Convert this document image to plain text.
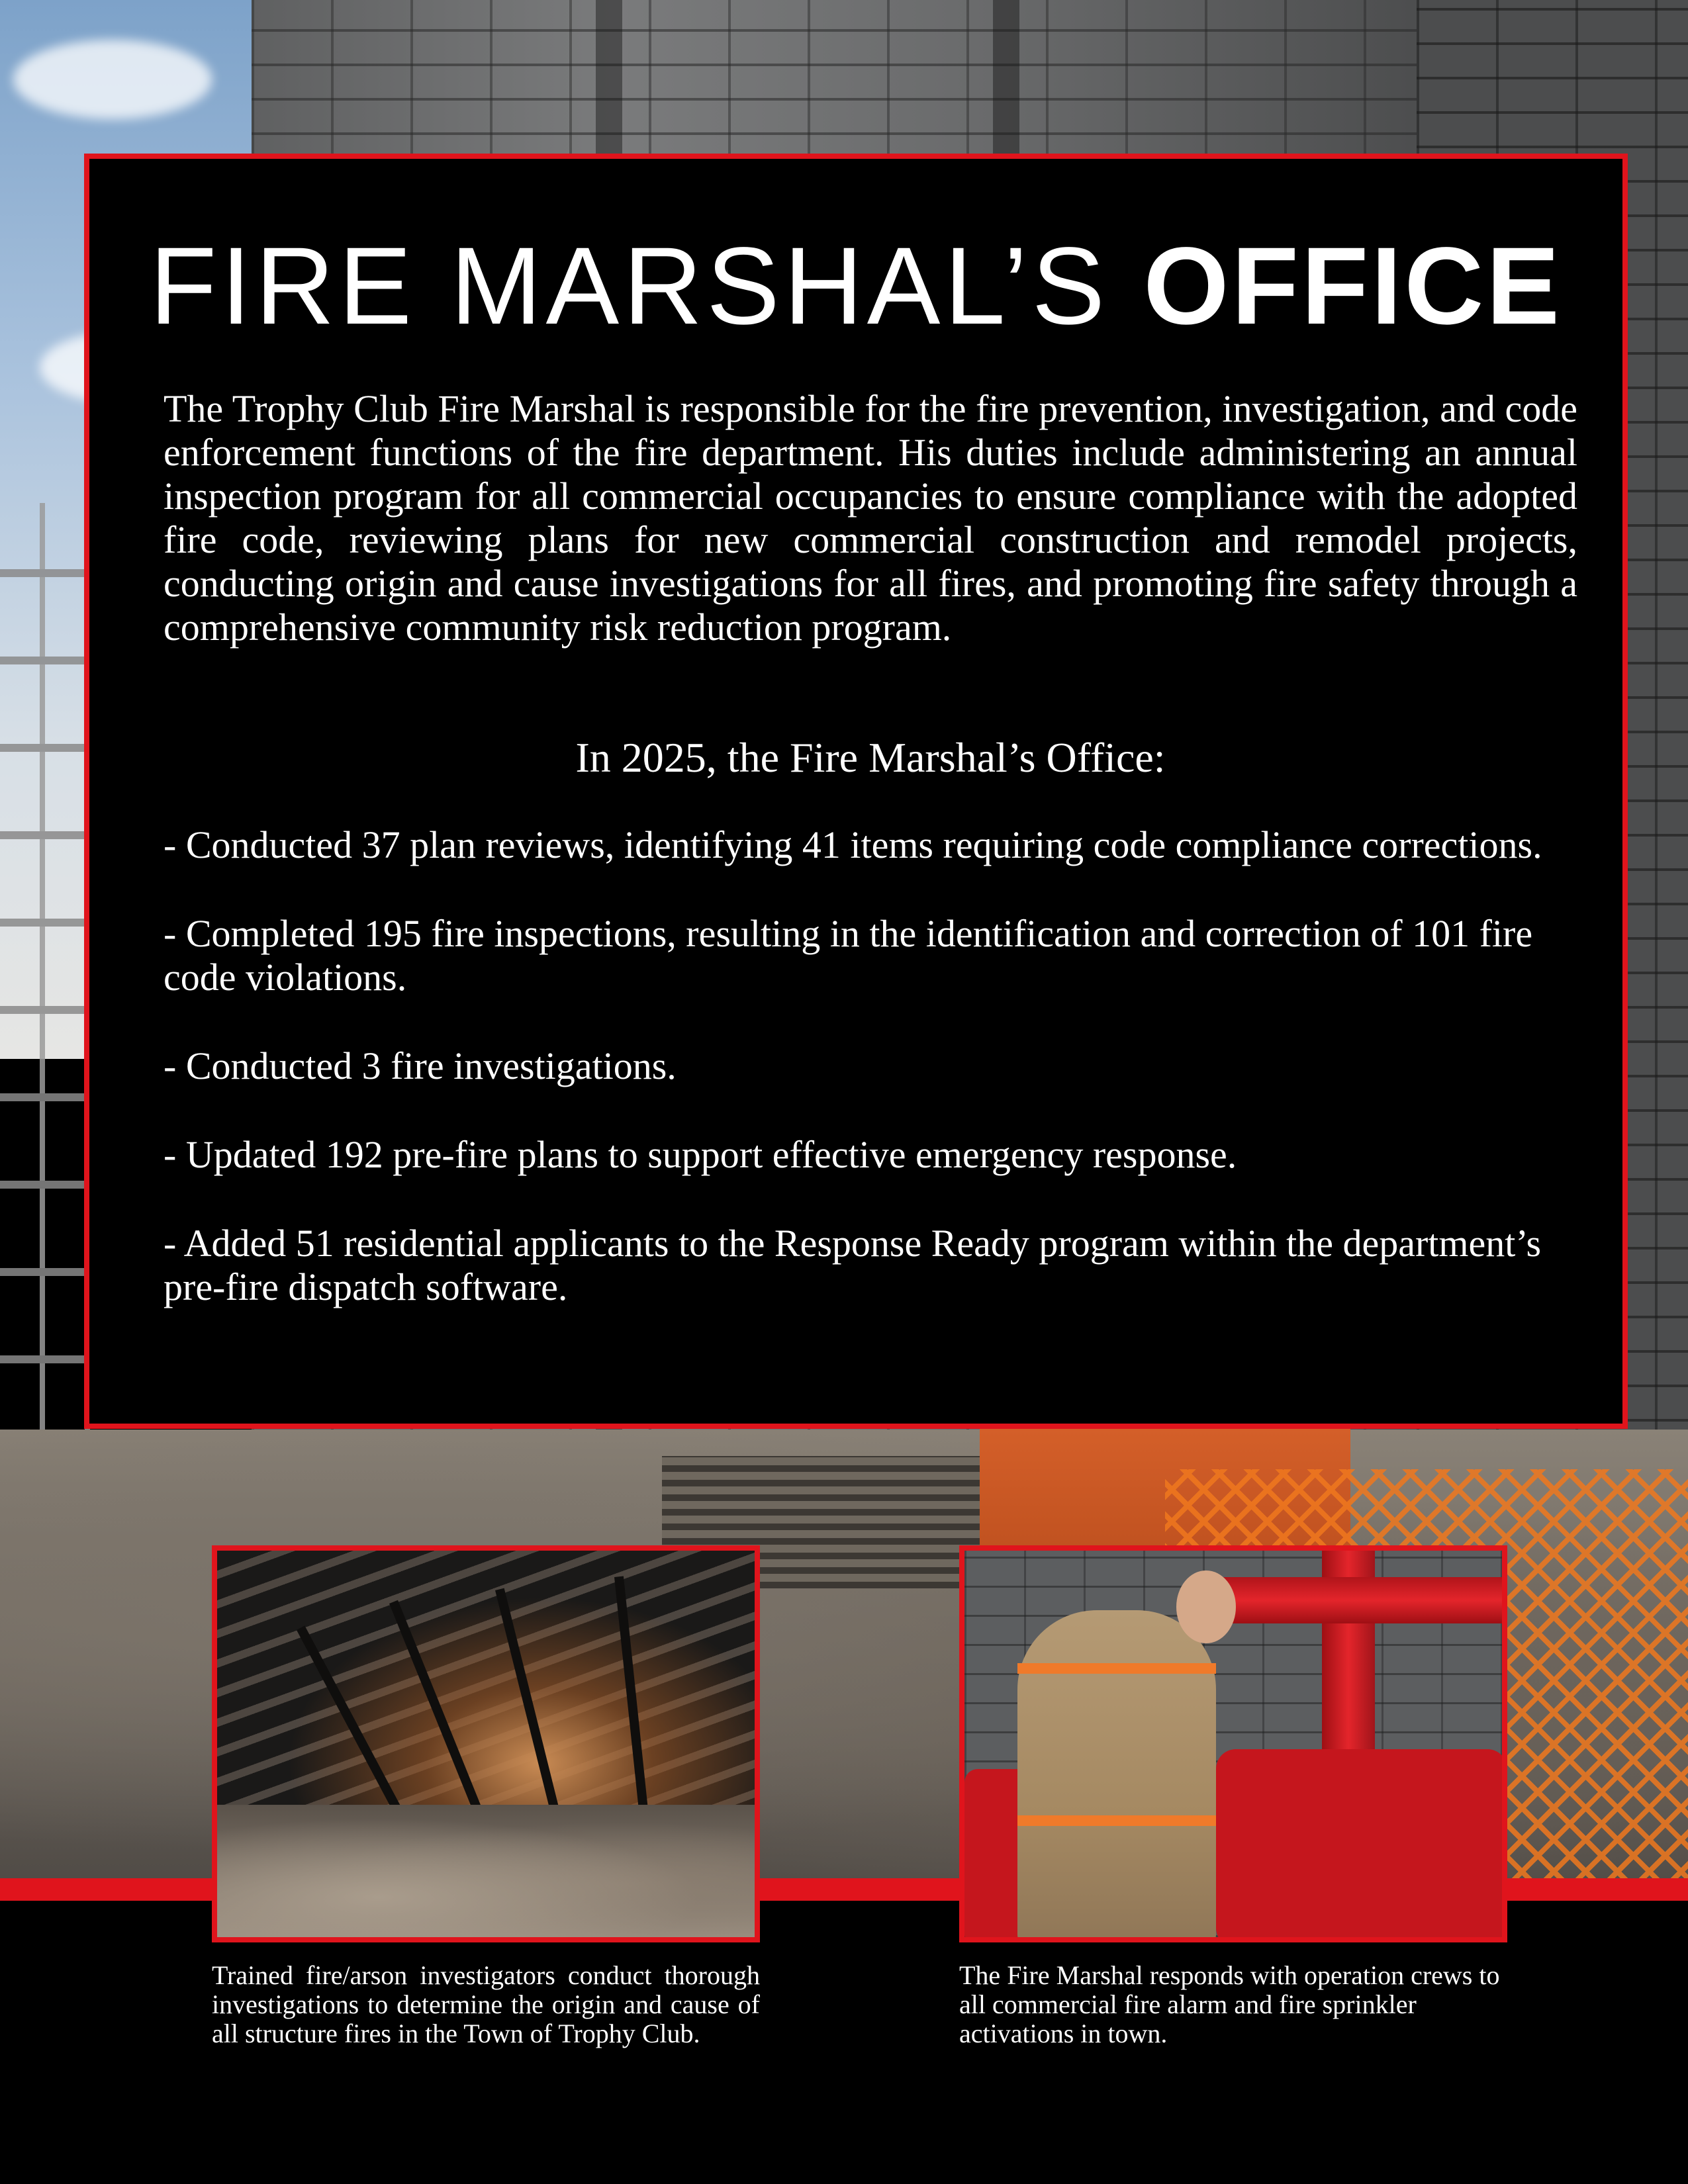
FIRE MARSHAL’S OFFICE

The Trophy Club Fire Marshal is responsible for the fire prevention, investigation, and code enforcement functions of the fire department. His duties include administering an annual inspection program for all commercial occupancies to ensure compliance with the adopted fire code, reviewing plans for new commercial construction and remodel projects, conducting origin and cause investigations for all fires, and promoting fire safety through a comprehensive community risk reduction program.

In 2025, the Fire Marshal’s Office:
- Conducted 37 plan reviews, identifying 41 items requiring code compliance corrections.
- Completed 195 fire inspections, resulting in the identification and correction of 101 fire code violations.
- Conducted 3 fire investigations.
- Updated 192 pre-fire plans to support effective emergency response.
- Added 51 residential applicants to the Response Ready program within the department’s pre-fire dispatch software.

Trained fire/arson investigators conduct thorough investigations to determine the origin and cause of all structure fires in the Town of Trophy Club.

The Fire Marshal responds with operation crews to all commercial fire alarm and fire sprinkler activations in town.
